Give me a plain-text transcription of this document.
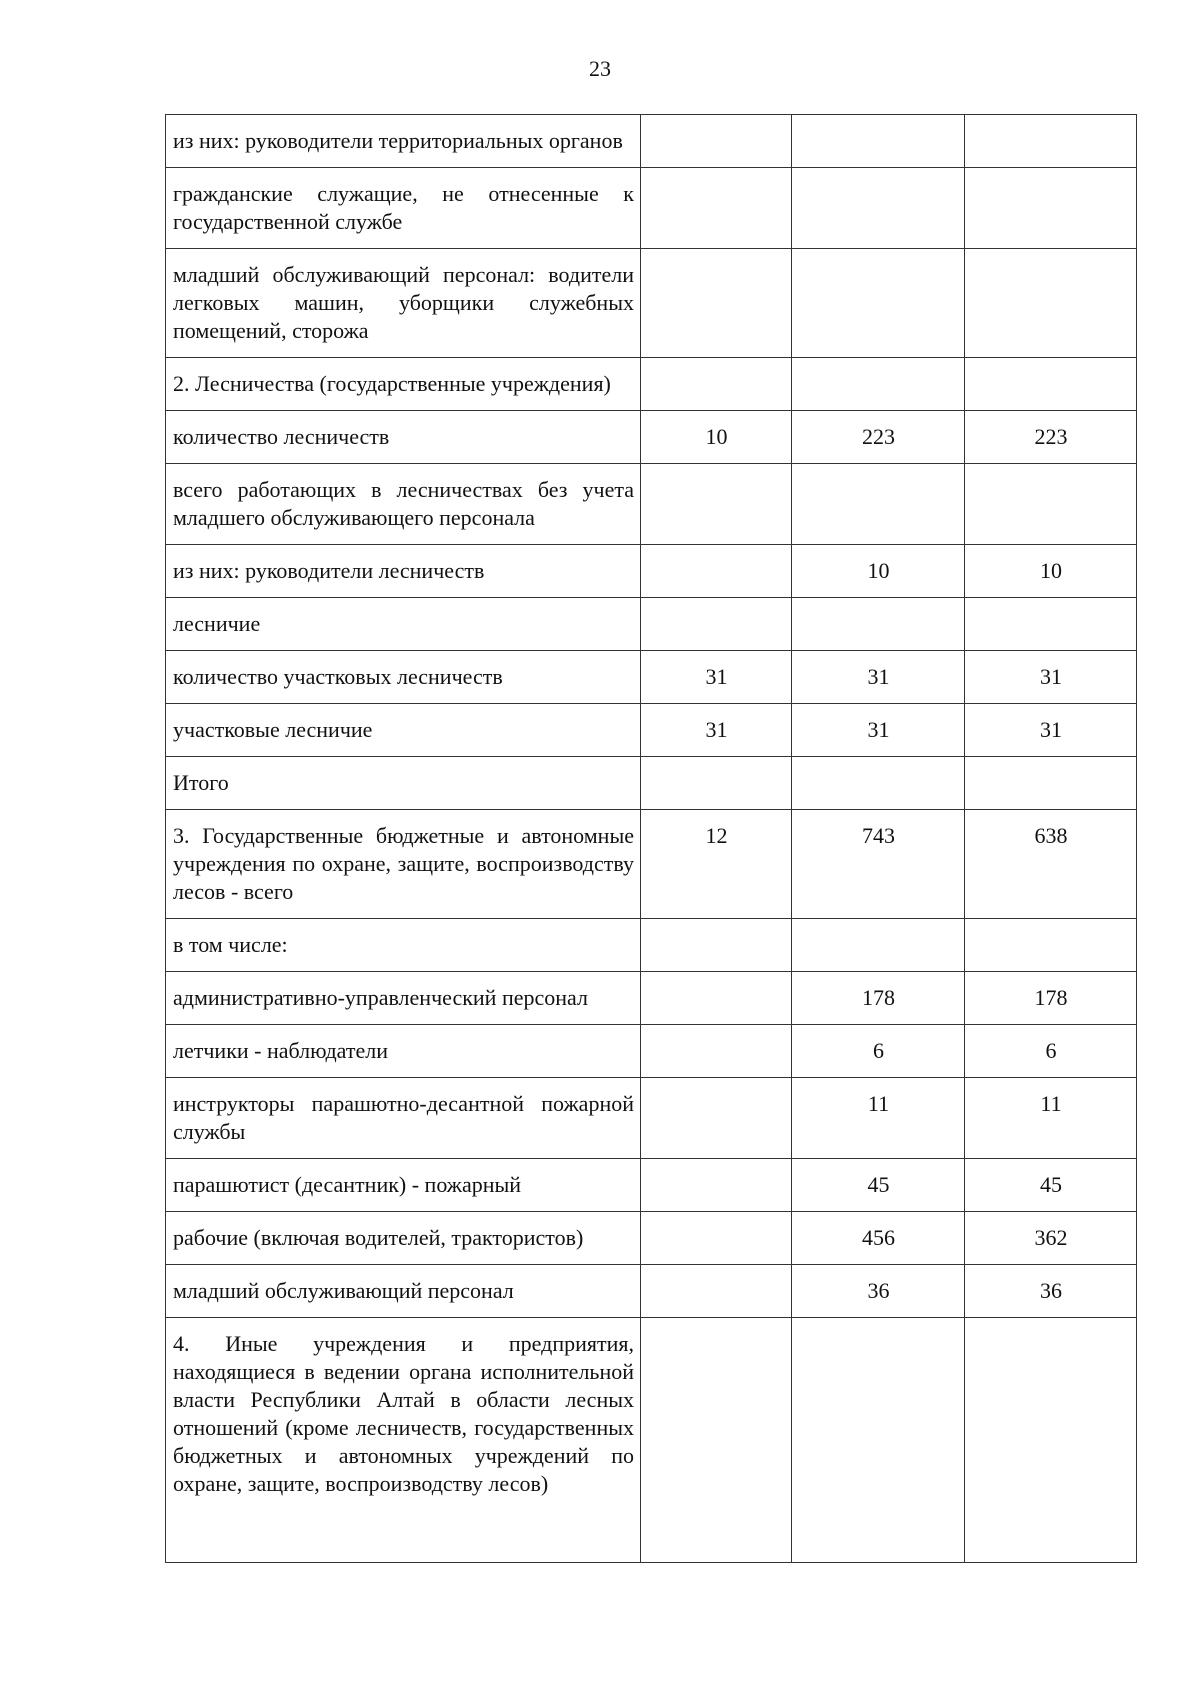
23
из них: руководители территориальных органов			
гражданские служащие, не отнесенные к государственной службе			
младший обслуживающий персонал: водители легковых машин, уборщики служебных помещений, сторожа			
2. Лесничества (государственные учреждения)			
количество лесничеств	10	223	223
всего работающих в лесничествах без учета младшего обслуживающего персонала			
из них: руководители лесничеств		10	10
лесничие			
количество участковых лесничеств	31	31	31
участковые лесничие	31	31	31
Итого			
3. Государственные бюджетные и автономные учреждения по охране, защите, воспроизводству лесов - всего	12	743	638
в том числе:			
административно-управленческий персонал		178	178
летчики - наблюдатели		6	6
инструкторы парашютно-десантной пожарной службы		11	11
парашютист (десантник) - пожарный		45	45
рабочие (включая водителей, трактористов)		456	362
младший обслуживающий персонал		36	36
4. Иные учреждения и предприятия, находящиеся в ведении органа исполнительной власти Республики Алтай в области лесных отношений (кроме лесничеств, государственных бюджетных и автономных учреждений по охране, защите, воспроизводству лесов)			
